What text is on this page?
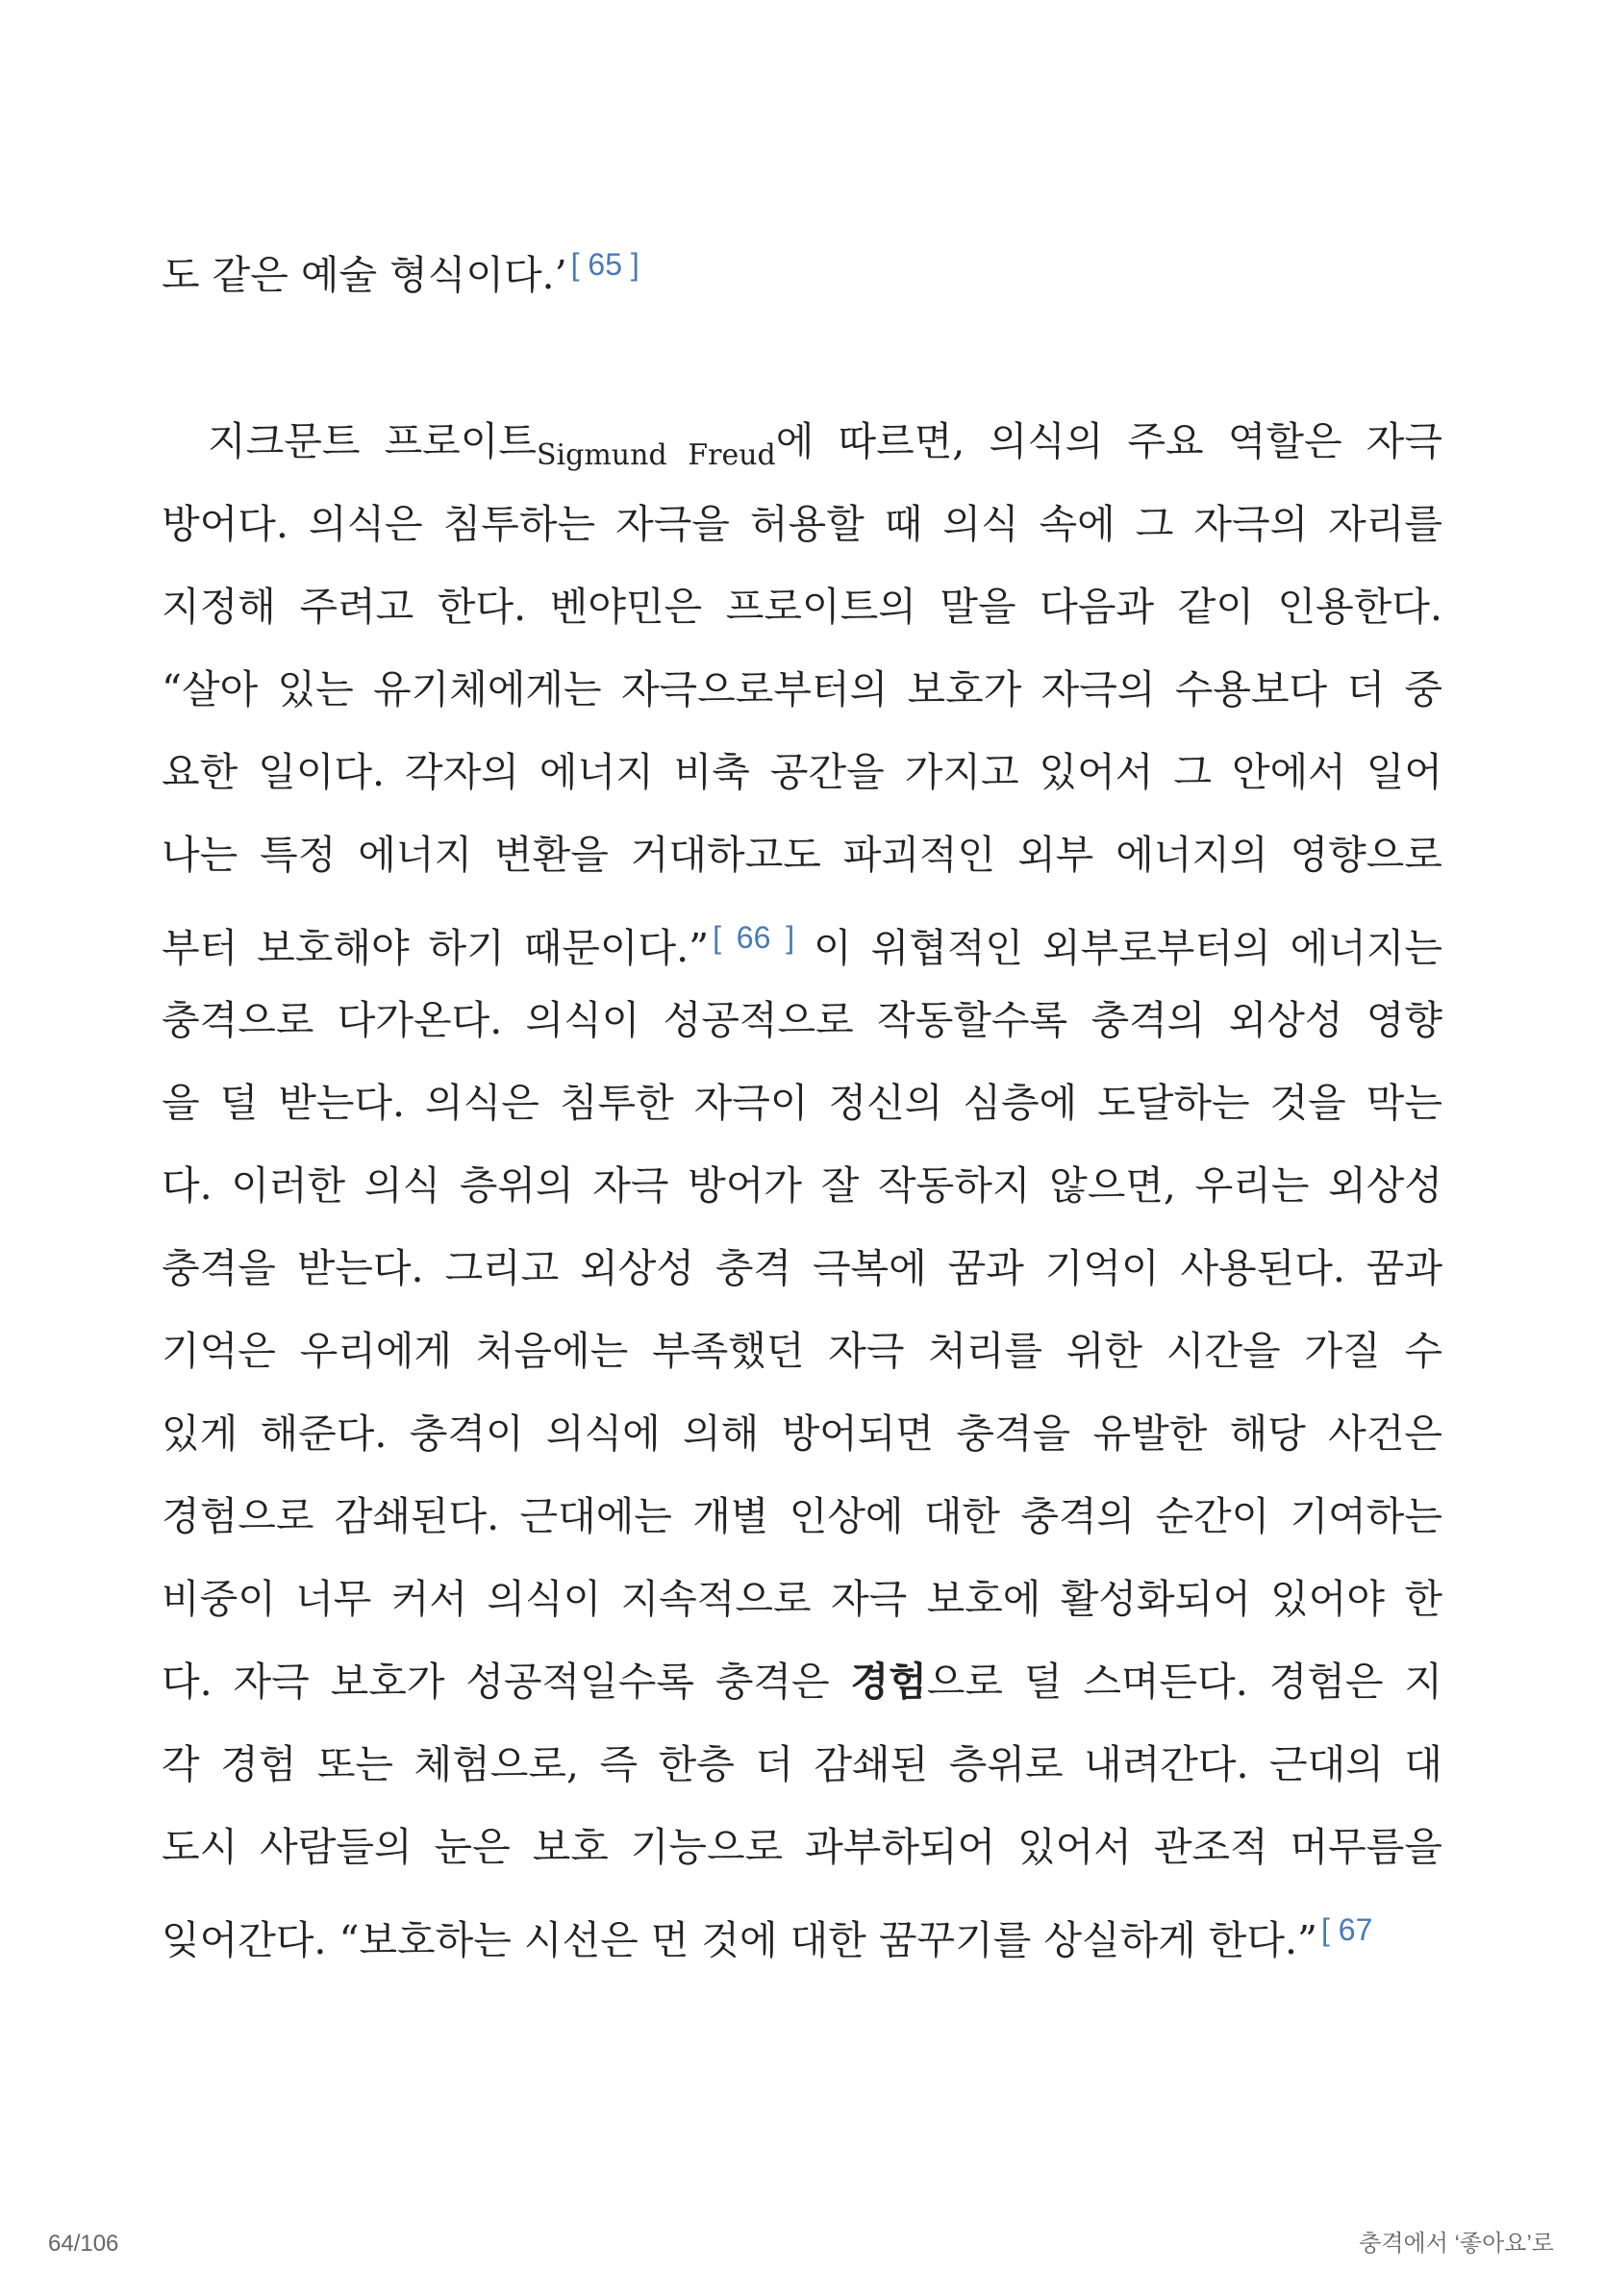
도 같은 예술 형식이다.’ [ 65 ]
지크문트 프로이트$_{Sigmund Freud}$에 따르면, 의식의 주요 역할은 자극
방어다. 의식은 침투하는 자극을 허용할 때 의식 속에 그 자극의 자리를
지정해 주려고 한다. 벤야민은 프로이트의 말을 다음과 같이 인용한다.
“살아 있는 유기체에게는 자극으로부터의 보호가 자극의 수용보다 더 중
요한 일이다. 각자의 에너지 비축 공간을 가지고 있어서 그 안에서 일어
나는 특정 에너지 변환을 거대하고도 파괴적인 외부 에너지의 영향으로
부터 보호해야 하기 때문이다.” [ 66 ] 이 위협적인 외부로부터의 에너지는
충격으로 다가온다. 의식이 성공적으로 작동할수록 충격의 외상성 영향
을 덜 받는다. 의식은 침투한 자극이 정신의 심층에 도달하는 것을 막는
다. 이러한 의식 층위의 자극 방어가 잘 작동하지 않으면, 우리는 외상성
충격을 받는다. 그리고 외상성 충격 극복에 꿈과 기억이 사용된다. 꿈과
기억은 우리에게 처음에는 부족했던 자극 처리를 위한 시간을 가질 수
있게 해준다. 충격이 의식에 의해 방어되면 충격을 유발한 해당 사건은
경험으로 감쇄된다. 근대에는 개별 인상에 대한 충격의 순간이 기여하는
비중이 너무 커서 의식이 지속적으로 자극 보호에 활성화되어 있어야 한
다. 자극 보호가 성공적일수록 충격은 경험으로 덜 스며든다. 경험은 지
각 경험 또는 체험으로, 즉 한층 더 감쇄된 층위로 내려간다. 근대의 대
도시 사람들의 눈은 보호 기능으로 과부하되어 있어서 관조적 머무름을
잊어간다. “보호하는 시선은 먼 것에 대한 꿈꾸기를 상실하게 한다.” $^{[ 67}$
64/106	충격에서 ‘좋아요’로
